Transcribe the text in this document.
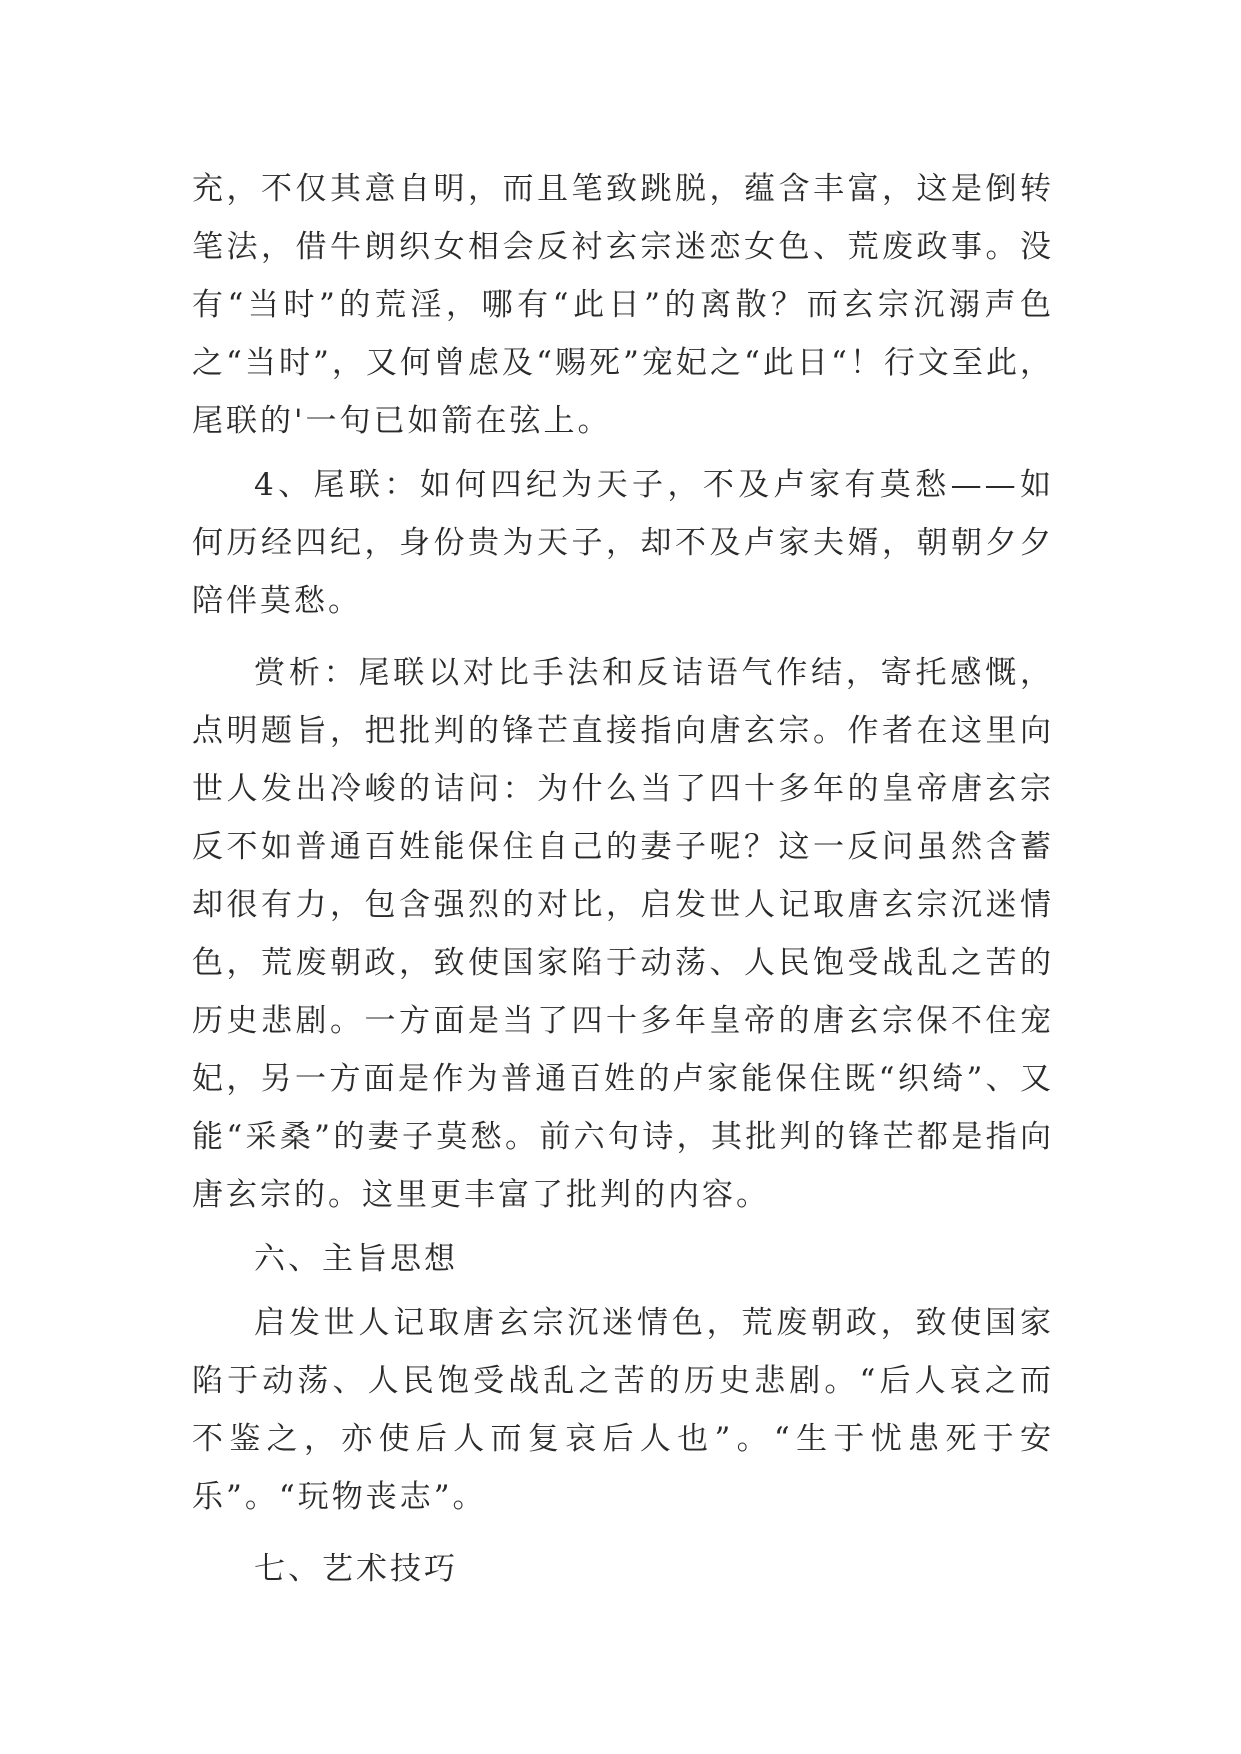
充，不仅其意自明，而且笔致跳脱，蕴含丰富，这是倒转笔法，借牛朗织女相会反衬玄宗迷恋女色、荒废政事。没有“当时”的荒淫，哪有“此日”的离散？而玄宗沉溺声色之“当时”，又何曾虑及“赐死”宠妃之“此日“！行文至此，尾联的'一句已如箭在弦上。

4、尾联：如何四纪为天子，不及卢家有莫愁——如何历经四纪，身份贵为天子，却不及卢家夫婿，朝朝夕夕陪伴莫愁。

赏析：尾联以对比手法和反诘语气作结，寄托感慨，点明题旨，把批判的锋芒直接指向唐玄宗。作者在这里向世人发出冷峻的诘问：为什么当了四十多年的皇帝唐玄宗反不如普通百姓能保住自己的妻子呢？这一反问虽然含蓄却很有力，包含强烈的对比，启发世人记取唐玄宗沉迷情色，荒废朝政，致使国家陷于动荡、人民饱受战乱之苦的历史悲剧。一方面是当了四十多年皇帝的唐玄宗保不住宠妃，另一方面是作为普通百姓的卢家能保住既“织绮”、又能“采桑”的妻子莫愁。前六句诗，其批判的锋芒都是指向唐玄宗的。这里更丰富了批判的内容。

六、主旨思想

启发世人记取唐玄宗沉迷情色，荒废朝政，致使国家陷于动荡、人民饱受战乱之苦的历史悲剧。“后人哀之而不鉴之，亦使后人而复哀后人也”。“生于忧患死于安乐”。“玩物丧志”。

七、艺术技巧
